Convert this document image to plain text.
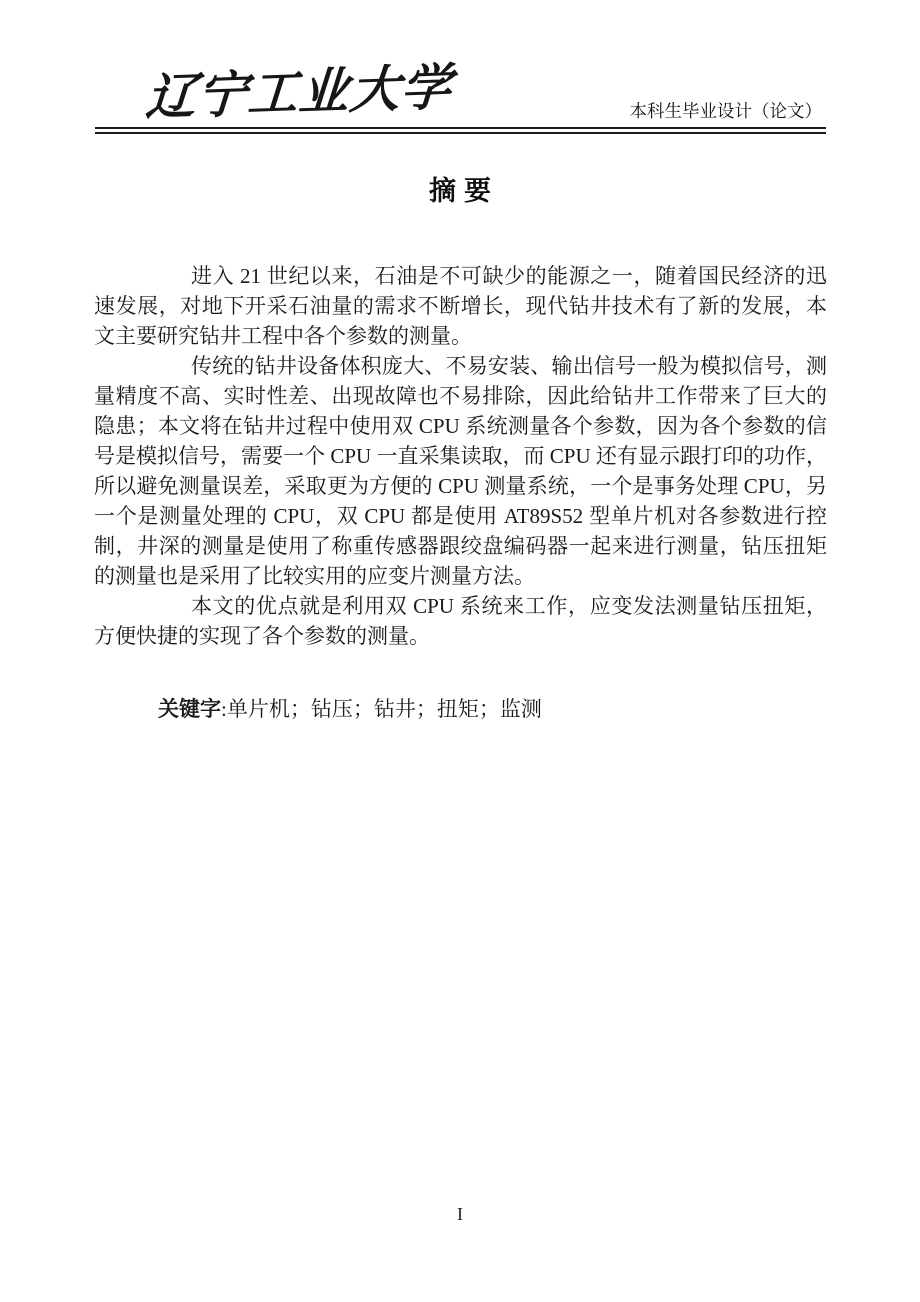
辽宁工业大学	本科生毕业设计（论文）
摘要

进入 21 世纪以来，石油是不可缺少的能源之一，随着国民经济的迅速发展，对地下开采石油量的需求不断增长，现代钻井技术有了新的发展，本文主要研究钻井工程中各个参数的测量。

传统的钻井设备体积庞大、不易安装、输出信号一般为模拟信号，测量精度不高、实时性差、出现故障也不易排除，因此给钻井工作带来了巨大的隐患；本文将在钻井过程中使用双 CPU 系统测量各个参数，因为各个参数的信号是模拟信号，需要一个 CPU 一直采集读取，而 CPU 还有显示跟打印的功作，所以避免测量误差，采取更为方便的 CPU 测量系统，一个是事务处理 CPU，另一个是测量处理的 CPU，双 CPU 都是使用 AT89S52 型单片机对各参数进行控制，井深的测量是使用了称重传感器跟绞盘编码器一起来进行测量，钻压扭矩的测量也是采用了比较实用的应变片测量方法。

本文的优点就是利用双 CPU 系统来工作，应变发法测量钻压扭矩，方便快捷的实现了各个参数的测量。

关键字:单片机；钻压；钻井；扭矩；监测

I
